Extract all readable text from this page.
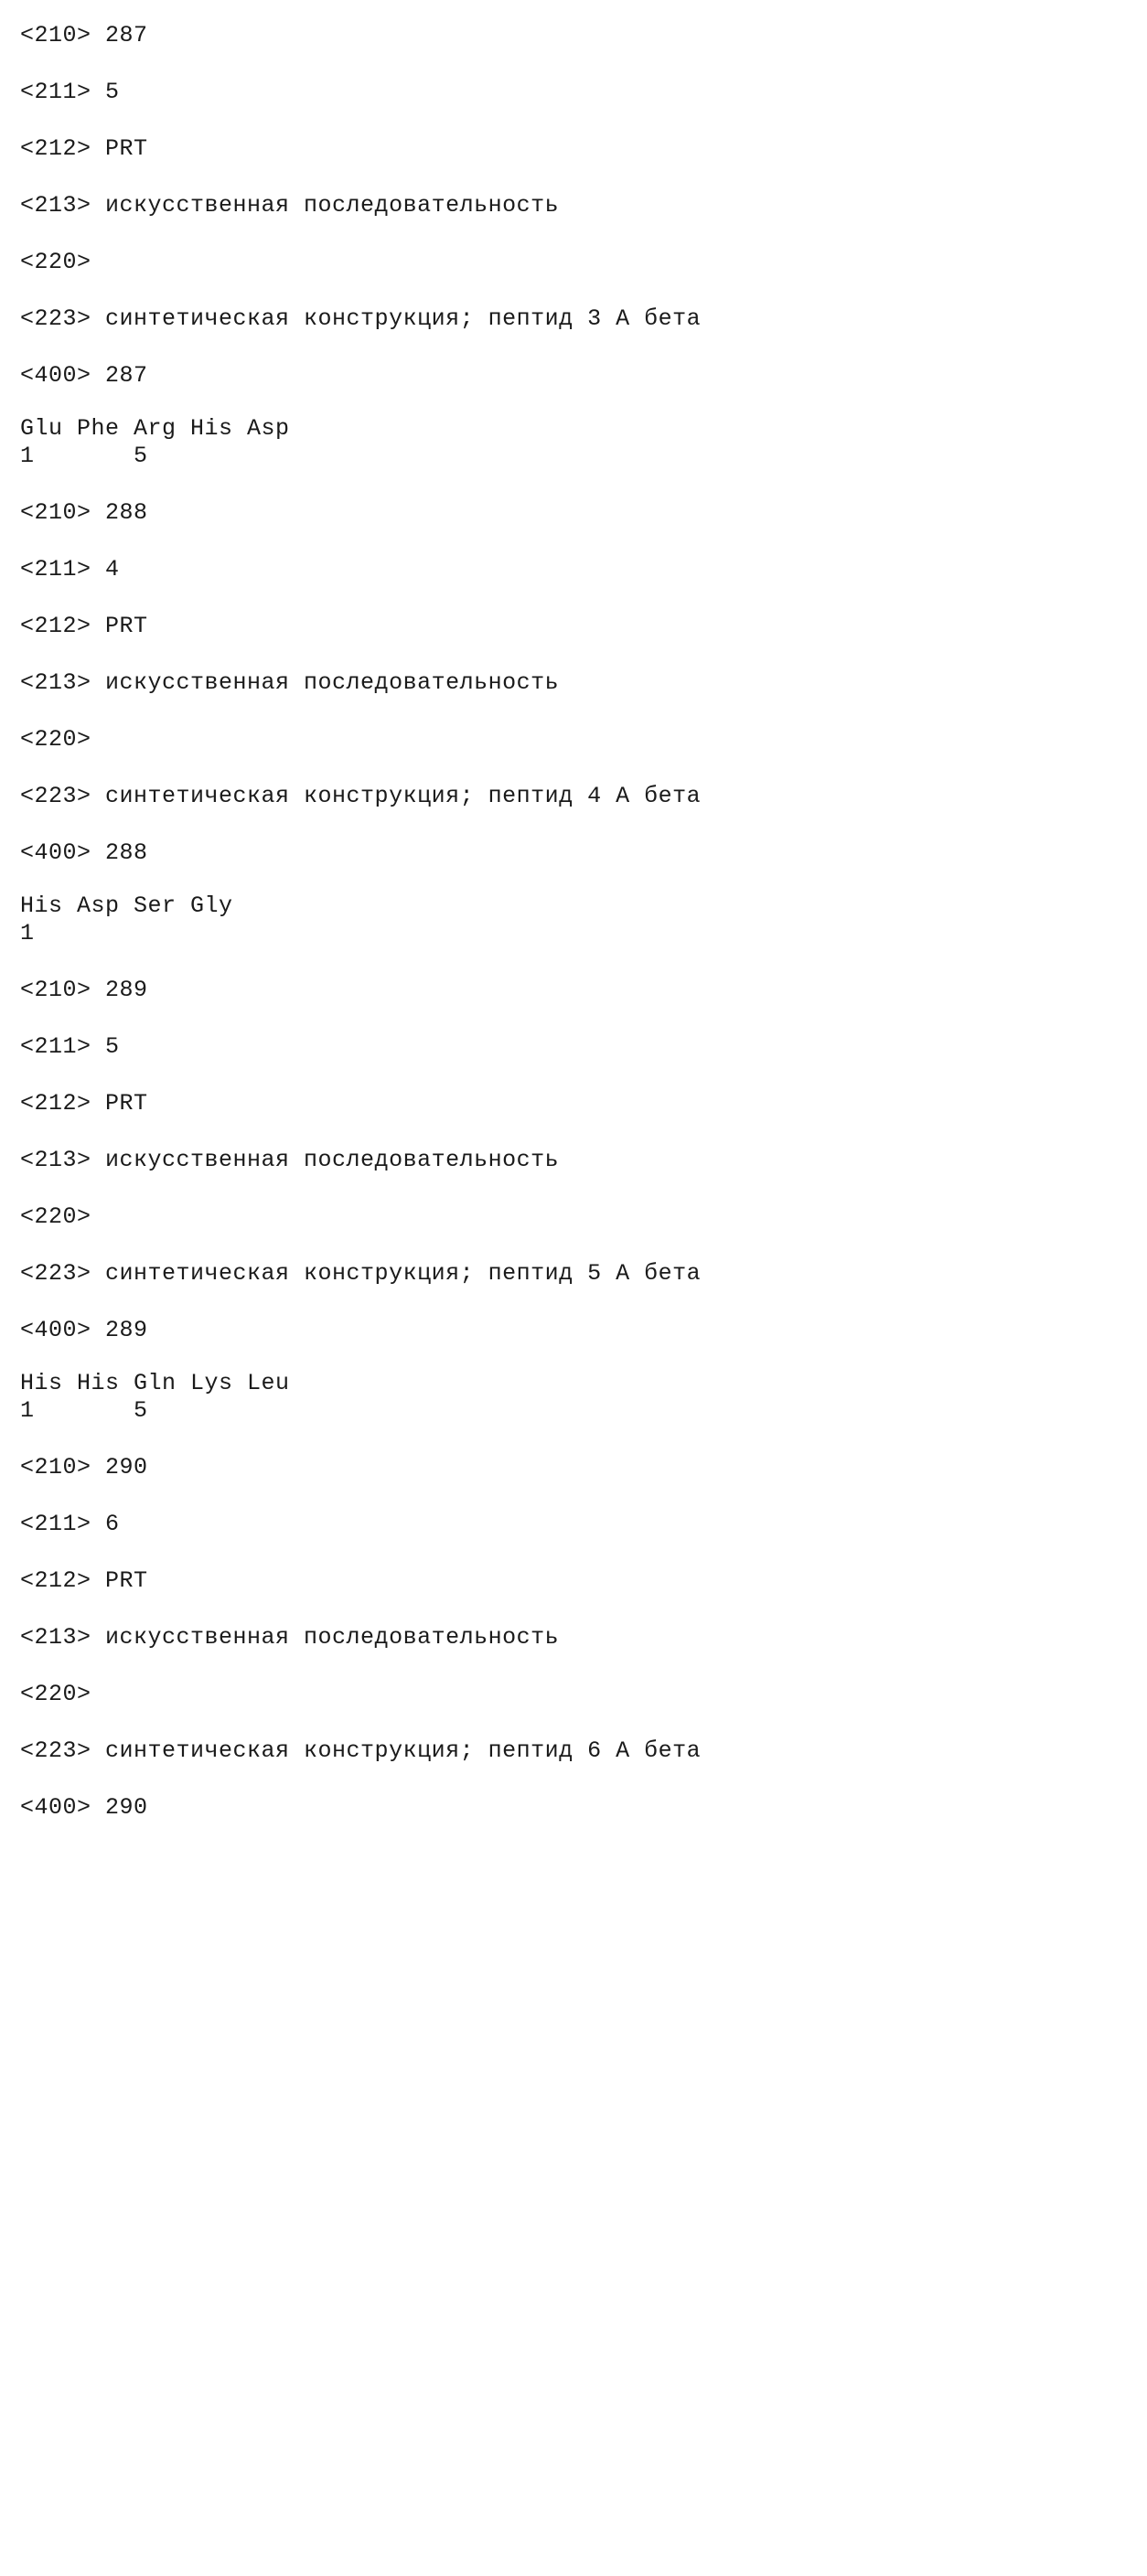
<210> 287
<211> 5
<212> PRT
<213> искусственная последовательность
<220>
<223> синтетическая конструкция; пептид 3 А бета
<400> 287
Glu Phe Arg His Asp
1       5
<210> 288
<211> 4
<212> PRT
<213> искусственная последовательность
<220>
<223> синтетическая конструкция; пептид 4 А бета
<400> 288
His Asp Ser Gly
1
<210> 289
<211> 5
<212> PRT
<213> искусственная последовательность
<220>
<223> синтетическая конструкция; пептид 5 А бета
<400> 289
His His Gln Lys Leu
1       5
<210> 290
<211> 6
<212> PRT
<213> искусственная последовательность
<220>
<223> синтетическая конструкция; пептид 6 А бета
<400> 290
